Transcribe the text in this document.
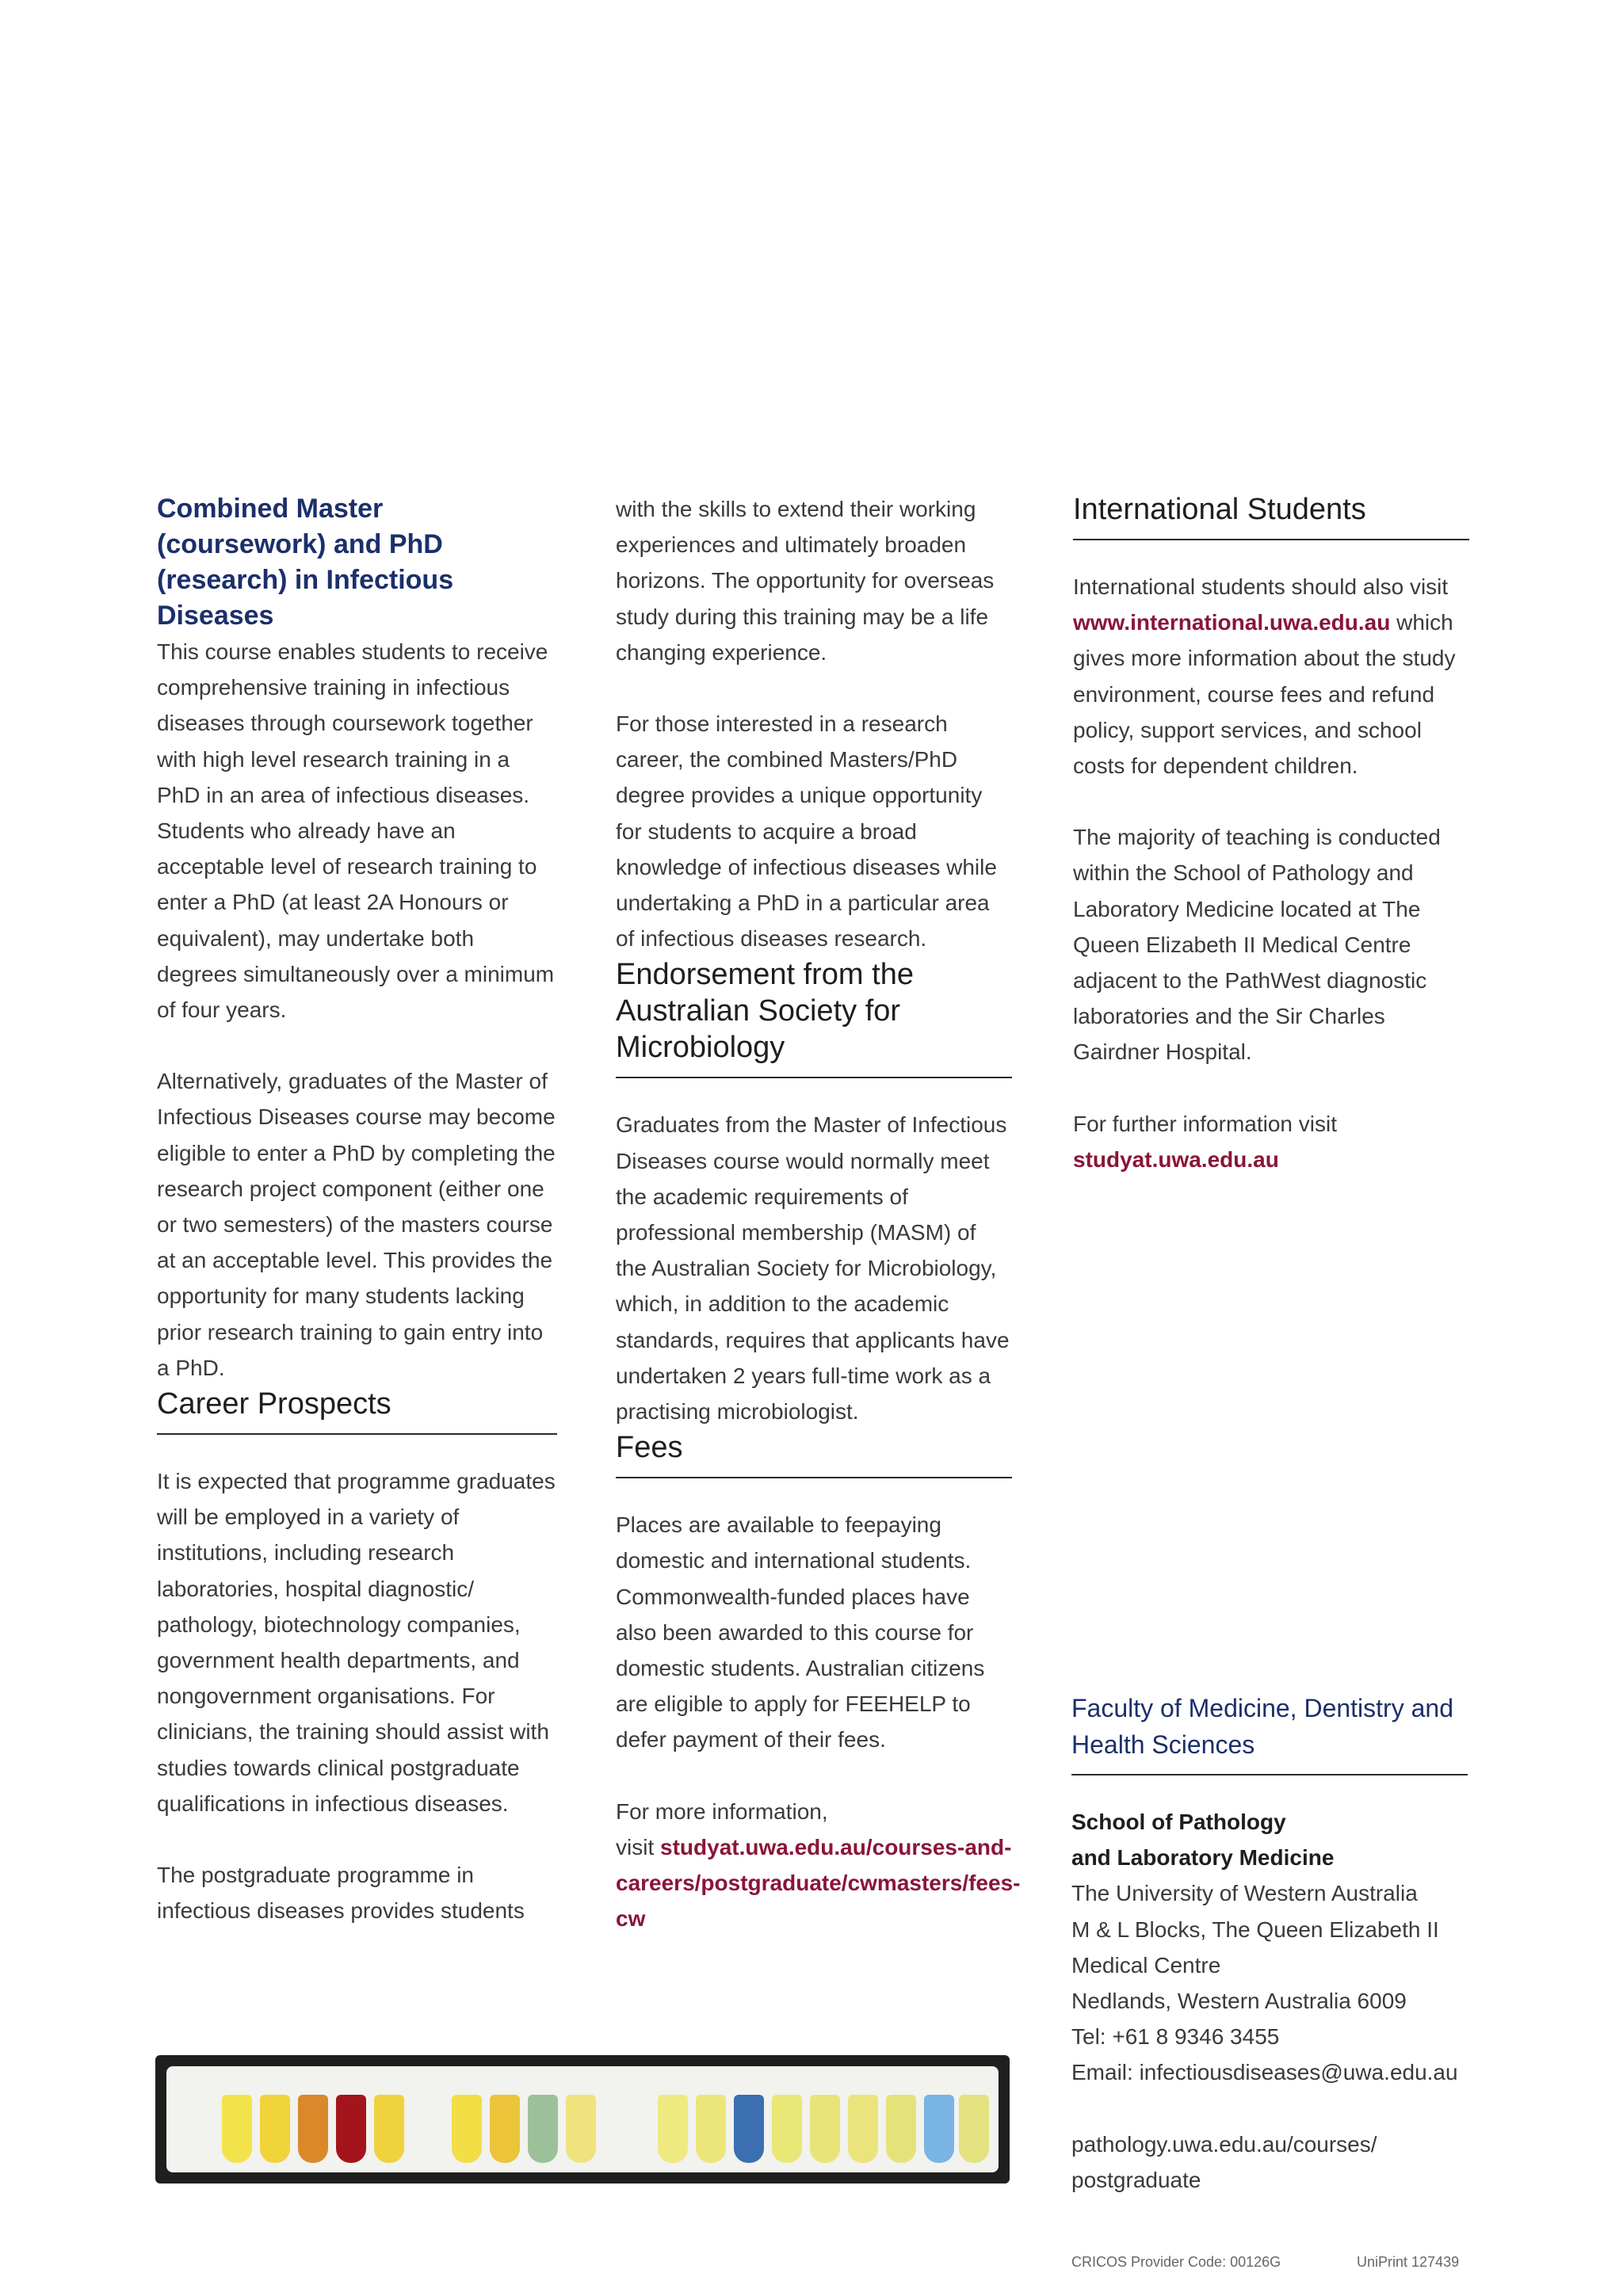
Combined Master (coursework) and PhD (research) in Infectious Diseases

This course enables students to receive comprehensive training in infectious diseases through coursework together with high level research training in a PhD in an area of infectious diseases. Students who already have an acceptable level of research training to enter a PhD (at least 2A Honours or equivalent), may undertake both degrees simultaneously over a minimum of four years.

Alternatively, graduates of the Master of Infectious Diseases course may become eligible to enter a PhD by completing the research project component (either one or two semesters) of the masters course at an acceptable level. This provides the opportunity for many students lacking prior research training to gain entry into a PhD.

Career Prospects

It is expected that programme graduates will be employed in a variety of institutions, including research laboratories, hospital diagnostic/ pathology, biotechnology companies, government health departments, and nongovernment organisations. For clinicians, the training should assist with studies towards clinical postgraduate qualifications in infectious diseases.

The postgraduate programme in infectious diseases provides students

with the skills to extend their working experiences and ultimately broaden horizons. The opportunity for overseas study during this training may be a life changing experience.

For those interested in a research career, the combined Masters/PhD degree provides a unique opportunity for students to acquire a broad knowledge of infectious diseases while undertaking a PhD in a particular area of infectious diseases research.

Endorsement from the Australian Society for Microbiology

Graduates from the Master of Infectious Diseases course would normally meet the academic requirements of professional membership (MASM) of the Australian Society for Microbiology, which, in addition to the academic standards, requires that applicants have undertaken 2 years full-time work as a practising microbiologist.

Fees

Places are available to feepaying domestic and international students. Commonwealth-funded places have also been awarded to this course for domestic students. Australian citizens are eligible to apply for FEEHELP to defer payment of their fees.

For more information,

visit studyat.uwa.edu.au/courses-and-careers/postgraduate/cwmasters/fees-cw

International Students

International students should also visit www.international.uwa.edu.au which gives more information about the study environment, course fees and refund policy, support services, and school costs for dependent children.

The majority of teaching is conducted within the School of Pathology and Laboratory Medicine located at The Queen Elizabeth II Medical Centre adjacent to the PathWest diagnostic laboratories and the Sir Charles Gairdner Hospital.

For further information visit

studyat.uwa.edu.au

Faculty of Medicine, Dentistry and Health Sciences

School of Pathology

and Laboratory Medicine

The University of Western Australia

M & L Blocks, The Queen Elizabeth II

Medical Centre

Nedlands, Western Australia 6009

Tel: +61 8 9346 3455

Email: infectiousdiseases@uwa.edu.au

pathology.uwa.edu.au/courses/

postgraduate

CRICOS Provider Code: 00126G	UniPrint 127439
